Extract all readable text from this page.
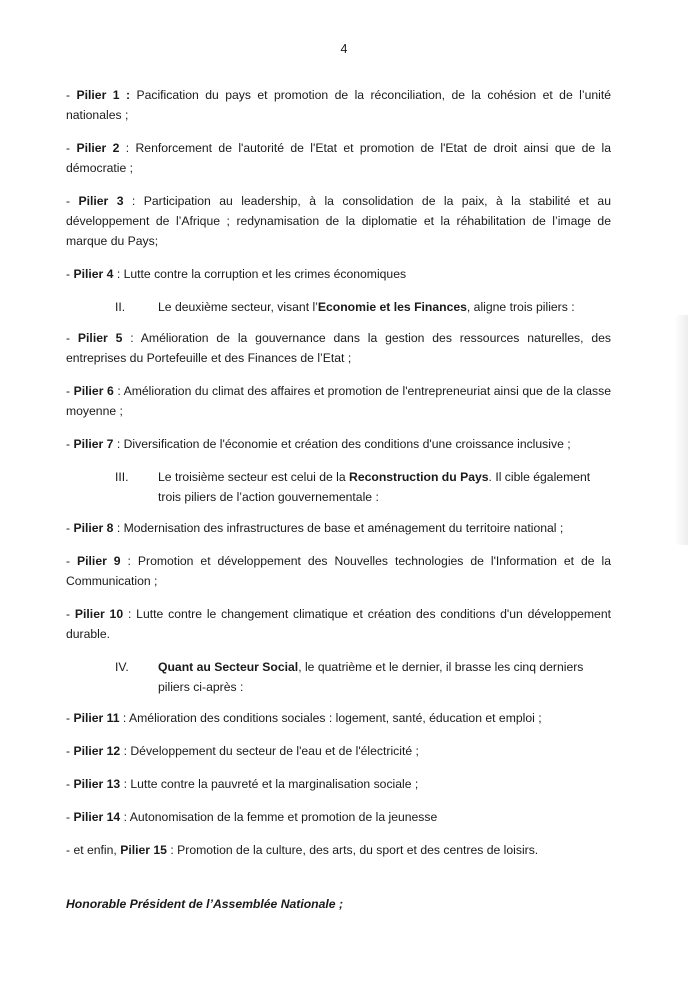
4

- Pilier 1 : Pacification du pays et promotion de la réconciliation, de la cohésion et de l’unité nationales ;

- Pilier 2 : Renforcement de l'autorité de l'Etat et promotion de l'Etat de droit ainsi que de la démocratie ;

- Pilier 3 : Participation au leadership, à la consolidation de la paix, à la stabilité et au développement de l’Afrique ; redynamisation de la diplomatie et la réhabilitation de l’image de marque du Pays;

- Pilier 4 : Lutte contre la corruption et les crimes économiques

II.	Le deuxième secteur, visant l’Economie et les Finances, aligne trois piliers :

- Pilier 5 : Amélioration de la gouvernance dans la gestion des ressources naturelles, des entreprises du Portefeuille et des Finances de l’Etat ;

- Pilier 6 : Amélioration du climat des affaires et promotion de l'entrepreneuriat ainsi que de la classe moyenne ;

- Pilier 7 : Diversification de l'économie et création des conditions d'une croissance inclusive ;

III. Le troisième secteur est celui de la Reconstruction du Pays. Il cible également trois piliers de l’action gouvernementale :

- Pilier 8 : Modernisation des infrastructures de base et aménagement du territoire national ;

- Pilier 9 : Promotion et développement des Nouvelles technologies de l'Information et de la Communication ;

- Pilier 10 : Lutte contre le changement climatique et création des conditions d'un développement durable.

IV. Quant au Secteur Social, le quatrième et le dernier, il brasse les cinq derniers piliers ci-après :

- Pilier 11 : Amélioration des conditions sociales : logement, santé, éducation et emploi ;

- Pilier 12 : Développement du secteur de l'eau et de l'électricité ;

- Pilier 13 : Lutte contre la pauvreté et la marginalisation sociale ;

- Pilier 14 : Autonomisation de la femme et promotion de la jeunesse

- et enfin, Pilier 15 : Promotion de la culture, des arts, du sport et des centres de loisirs.

Honorable Président de l’Assemblée Nationale ;
